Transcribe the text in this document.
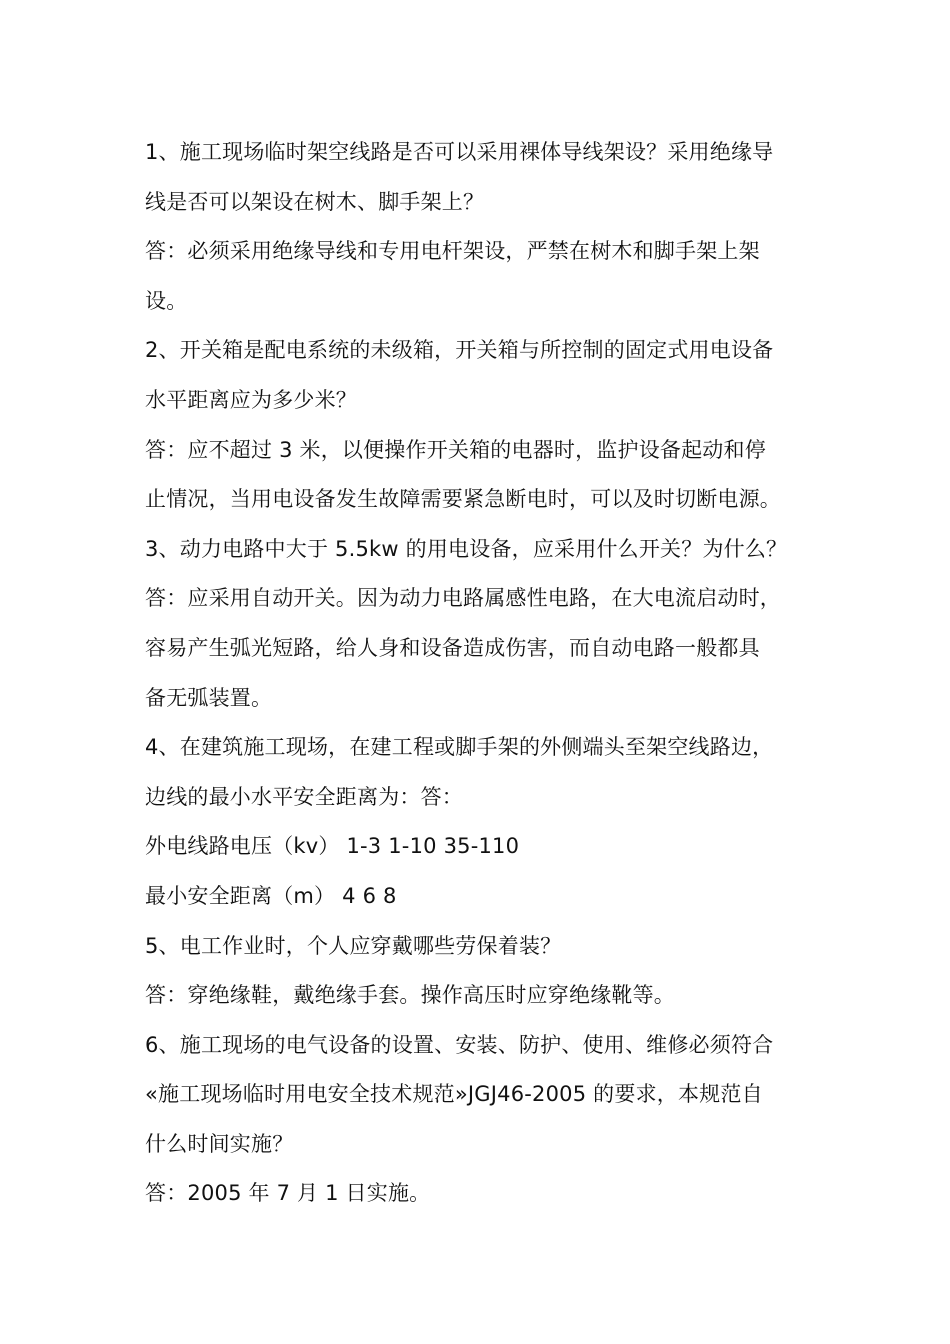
1、施工现场临时架空线路是否可以采用裸体导线架设？采用绝缘导
线是否可以架设在树木、脚手架上？
答：必须采用绝缘导线和专用电杆架设，严禁在树木和脚手架上架
设。
2、开关箱是配电系统的未级箱，开关箱与所控制的固定式用电设备
水平距离应为多少米？
答：应不超过 3 米，以便操作开关箱的电器时，监护设备起动和停
止情况，当用电设备发生故障需要紧急断电时，可以及时切断电源。
3、动力电路中大于 5.5kw 的用电设备，应采用什么开关？为什么？
答：应采用自动开关。因为动力电路属感性电路，在大电流启动时，
容易产生弧光短路，给人身和设备造成伤害，而自动电路一般都具
备无弧装置。
4、在建筑施工现场，在建工程或脚手架的外侧端头至架空线路边，
边线的最小水平安全距离为：答：
外电线路电压（kv） 1-3 1-10 35-110
最小安全距离（m） 4 6 8
5、电工作业时，个人应穿戴哪些劳保着装？
答：穿绝缘鞋，戴绝缘手套。操作高压时应穿绝缘靴等。
6、施工现场的电气设备的设置、安装、防护、使用、维修必须符合
«施工现场临时用电安全技术规范»JGJ46-2005 的要求，本规范自
什么时间实施？
答：2005 年 7 月 1 日实施。
